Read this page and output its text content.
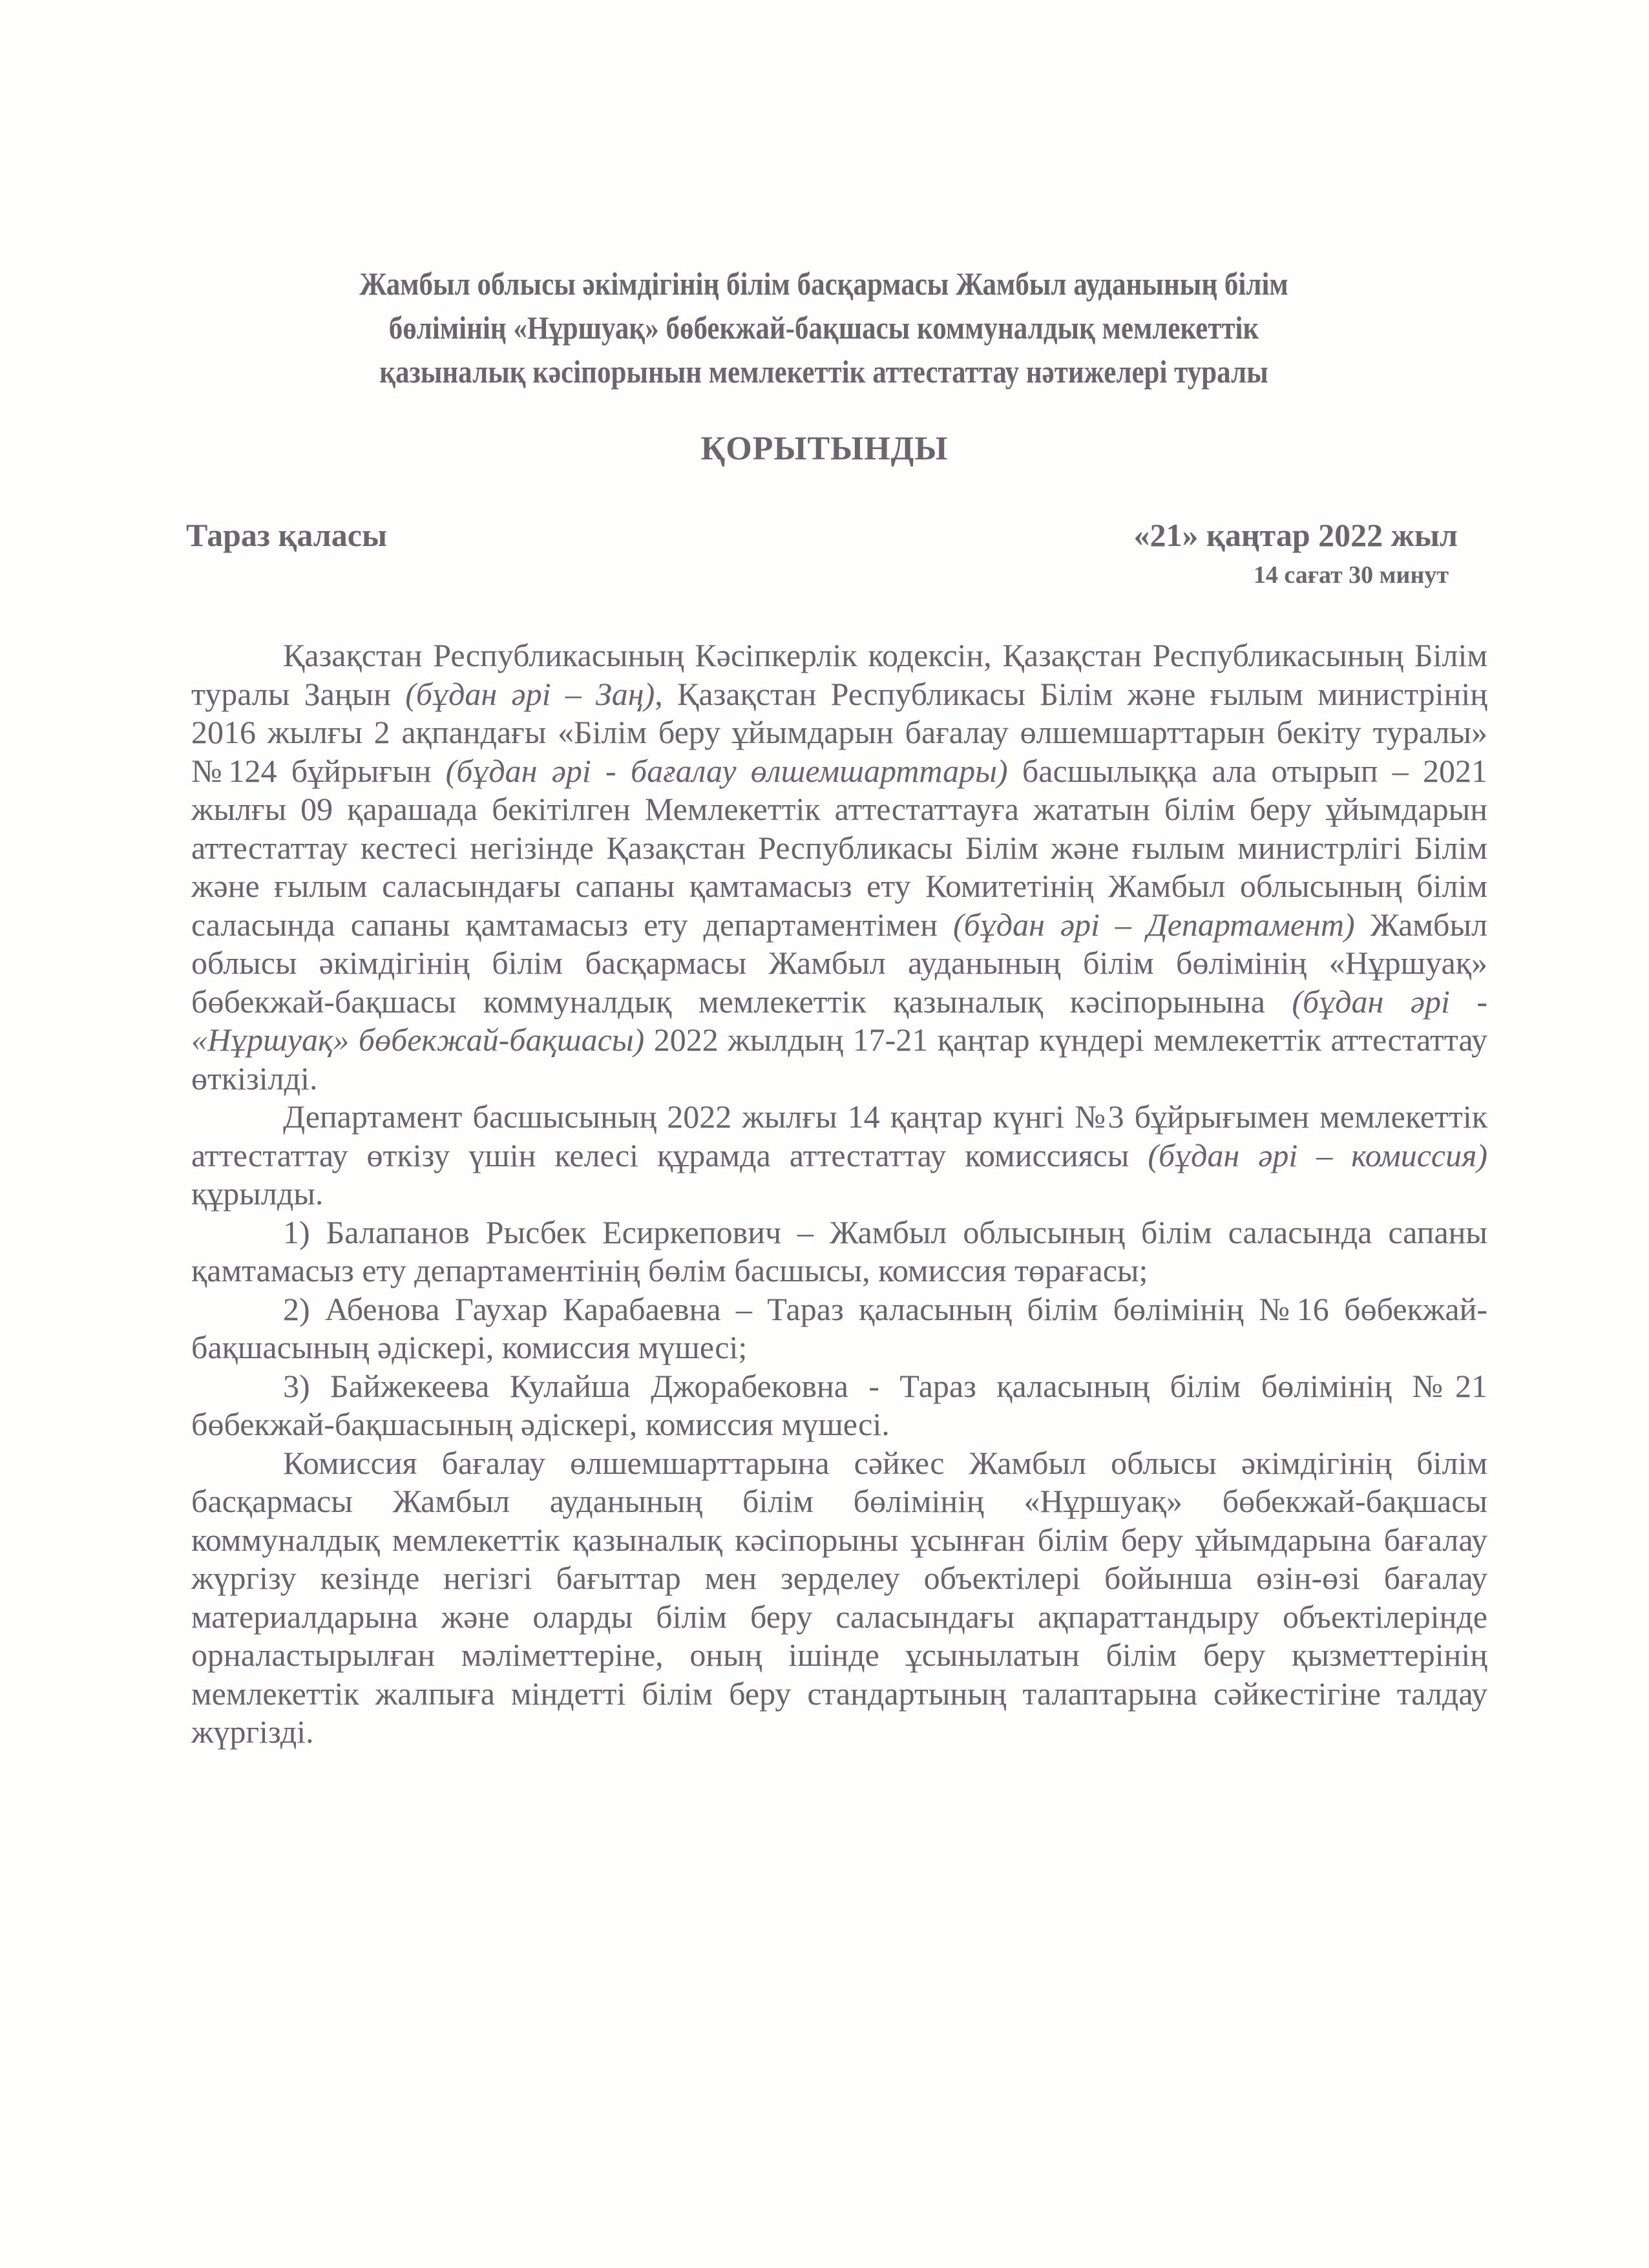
Жамбыл облысы әкімдігінің білім басқармасы Жамбыл ауданының білім
бөлімінің «Нұршуақ» бөбекжай-бақшасы коммуналдық мемлекеттік
қазыналық кәсіпорынын мемлекеттік аттестаттау нәтижелері туралы
ҚОРЫТЫНДЫ
Тараз қаласы	«21» қаңтар 2022 жыл
14 сағат 30 минут

Қазақстан Республикасының Кәсіпкерлік кодексін, Қазақстан Республикасының Білім туралы Заңын (бұдан әрі – Заң), Қазақстан Республикасы Білім және ғылым министрінің 2016 жылғы 2 ақпандағы «Білім беру ұйымдарын бағалау өлшемшарттарын бекіту туралы» №124 бұйрығын (бұдан әрі - бағалау өлшемшарттары) басшылыққа ала отырып – 2021 жылғы 09 қарашада бекітілген Мемлекеттік аттестаттауға жататын білім беру ұйымдарын аттестаттау кестесі негізінде Қазақстан Республикасы Білім және ғылым министрлігі Білім және ғылым саласындағы сапаны қамтамасыз ету Комитетінің Жамбыл облысының білім саласында сапаны қамтамасыз ету департаментімен (бұдан әрі – Департамент) Жамбыл облысы әкімдігінің білім басқармасы Жамбыл ауданының білім бөлімінің «Нұршуақ» бөбекжай-бақшасы коммуналдық мемлекеттік қазыналық кәсіпорынына (бұдан әрі - «Нұршуақ» бөбекжай-бақшасы) 2022 жылдың 17-21 қаңтар күндері мемлекеттік аттестаттау өткізілді.

Департамент басшысының 2022 жылғы 14 қаңтар күнгі №3 бұйрығымен мемлекеттік аттестаттау өткізу үшін келесі құрамда аттестаттау комиссиясы (бұдан әрі – комиссия) құрылды.

1) Балапанов Рысбек Есиркепович – Жамбыл облысының білім саласында сапаны қамтамасыз ету департаментінің бөлім басшысы, комиссия төрағасы;

2) Абенова Гаухар Карабаевна – Тараз қаласының білім бөлімінің №16 бөбекжай-бақшасының әдіскері, комиссия мүшесі;

3) Байжекеева Кулайша Джорабековна - Тараз қаласының білім бөлімінің №21 бөбекжай-бақшасының әдіскері, комиссия мүшесі.

Комиссия бағалау өлшемшарттарына сәйкес Жамбыл облысы әкімдігінің білім басқармасы Жамбыл ауданының білім бөлімінің «Нұршуақ» бөбекжай-бақшасы коммуналдық мемлекеттік қазыналық кәсіпорыны ұсынған білім беру ұйымдарына бағалау жүргізу кезінде негізгі бағыттар мен зерделеу объектілері бойынша өзін-өзі бағалау материалдарына және оларды білім беру саласындағы ақпараттандыру объектілерінде орналастырылған мәліметтеріне, оның ішінде ұсынылатын білім беру қызметтерінің мемлекеттік жалпыға міндетті білім беру стандартының талаптарына сәйкестігіне талдау жүргізді.
